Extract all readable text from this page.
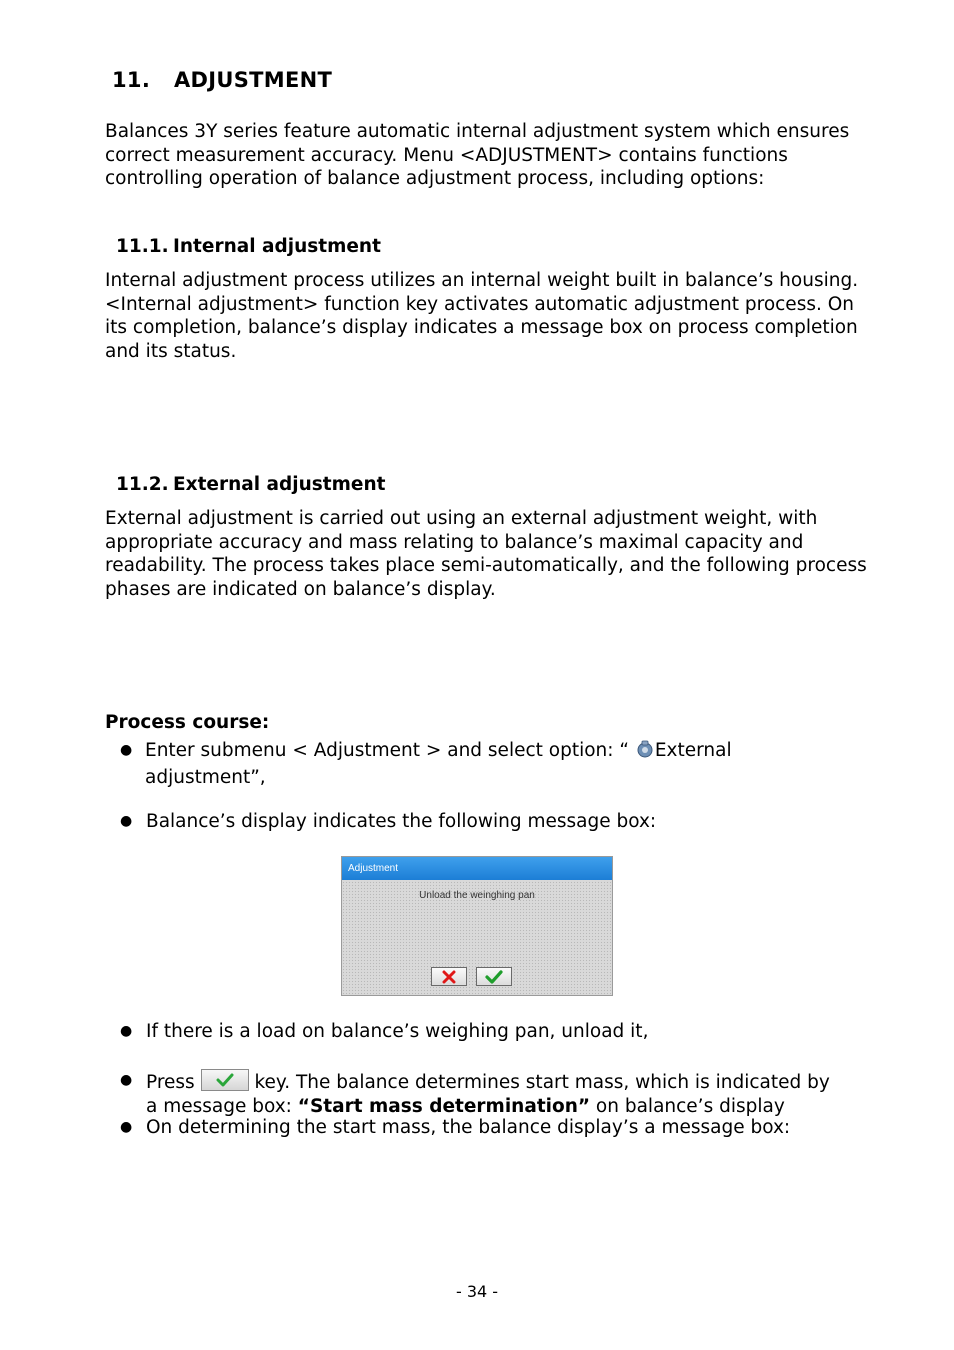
11. ADJUSTMENT
Balances 3Y series feature automatic internal adjustment system which ensures correct measurement accuracy. Menu <ADJUSTMENT> contains functions controlling operation of balance adjustment process, including options:
11.1. Internal adjustment
Internal adjustment process utilizes an internal weight built in balance’s housing. <Internal adjustment> function key activates automatic adjustment process. On its completion, balance’s display indicates a message box on process completion and its status.
11.2. External adjustment
External adjustment is carried out using an external adjustment weight, with appropriate accuracy and mass relating to balance’s maximal capacity and readability. The process takes place semi-automatically, and the following process phases are indicated on balance’s display.
Process course:
● Enter submenu < Adjustment > and select option: “ External
adjustment”,
● Balance’s display indicates the following message box:
Adjustment
Unload the weinghing pan
● If there is a load on balance’s weighing pan, unload it,
● Press	key. The balance determines start mass, which is indicated by
a message box: “Start mass determination” on balance’s display
● On determining the start mass, the balance display’s a message box:
- 34 -
